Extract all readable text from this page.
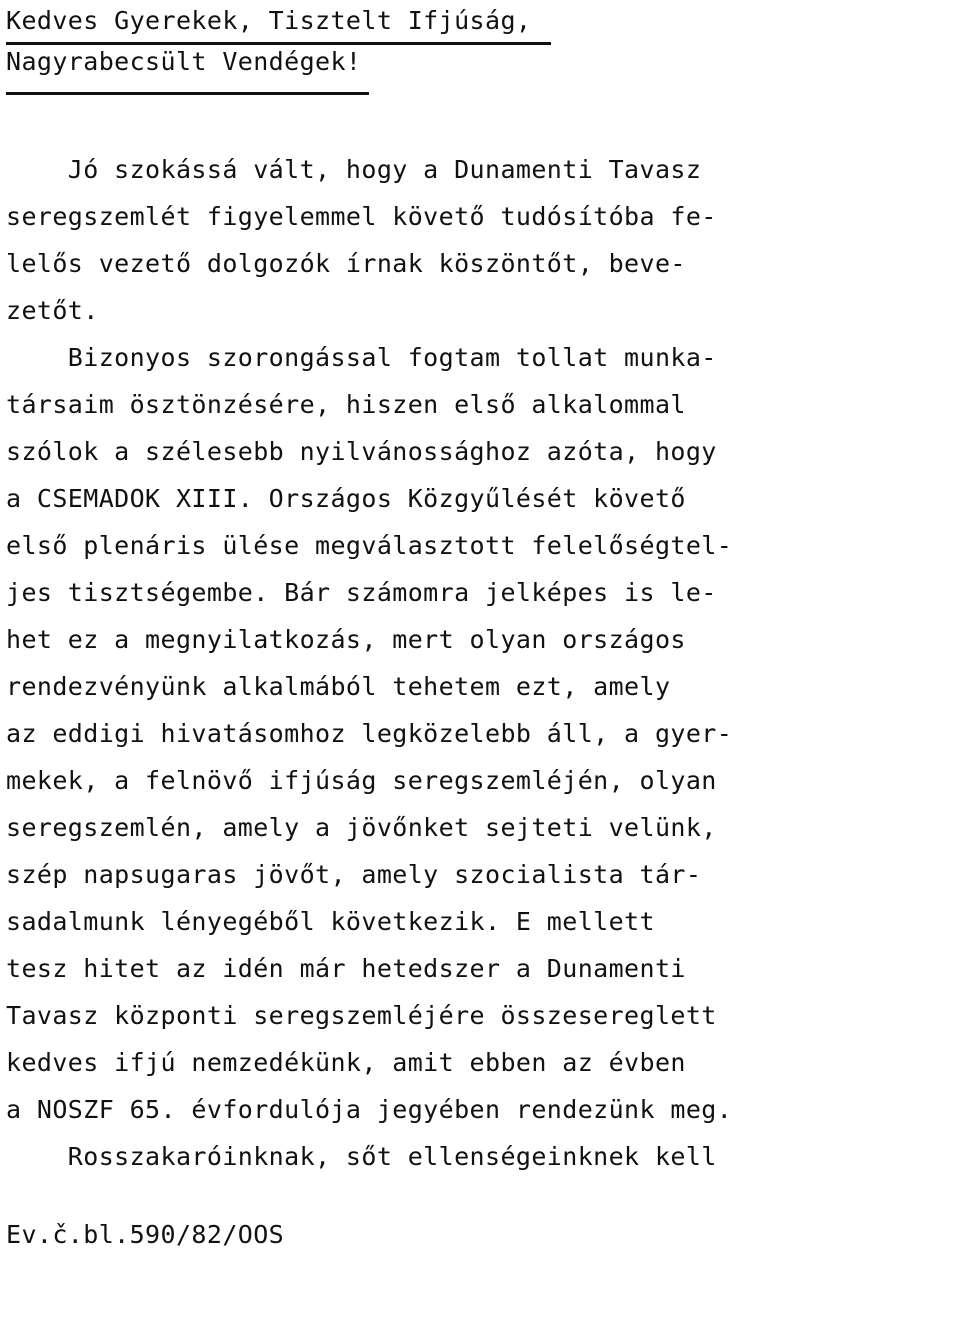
Kedves Gyerekek, Tisztelt Ifjúság,
Nagyrabecsült Vendégek!
Jó szokássá vált, hogy a Dunamenti Tavasz
seregszemlét figyelemmel követő tudósítóba fe-
lelős vezető dolgozók írnak köszöntőt, beve-
zetőt.
Bizonyos szorongással fogtam tollat munka-
társaim ösztönzésére, hiszen első alkalommal
szólok a szélesebb nyilvánossághoz azóta, hogy
a CSEMADOK XIII. Országos Közgyűlését követő
első plenáris ülése megválasztott felelőségtel-
jes tisztségembe. Bár számomra jelképes is le-
het ez a megnyilatkozás, mert olyan országos
rendezvényünk alkalmából tehetem ezt, amely
az eddigi hivatásomhoz legközelebb áll, a gyer-
mekek, a felnövő ifjúság seregszemléjén, olyan
seregszemlén, amely a jövőnket sejteti velünk,
szép napsugaras jövőt, amely szocialista tár-
sadalmunk lényegéből következik. E mellett
tesz hitet az idén már hetedszer a Dunamenti
Tavasz központi seregszemléjére összesereglett
kedves ifjú nemzedékünk, amit ebben az évben
a NOSZF 65. évfordulója jegyében rendezünk meg.
Rosszakaróinknak, sőt ellenségeinknek kell
Ev.č.bl.590/82/OOS
